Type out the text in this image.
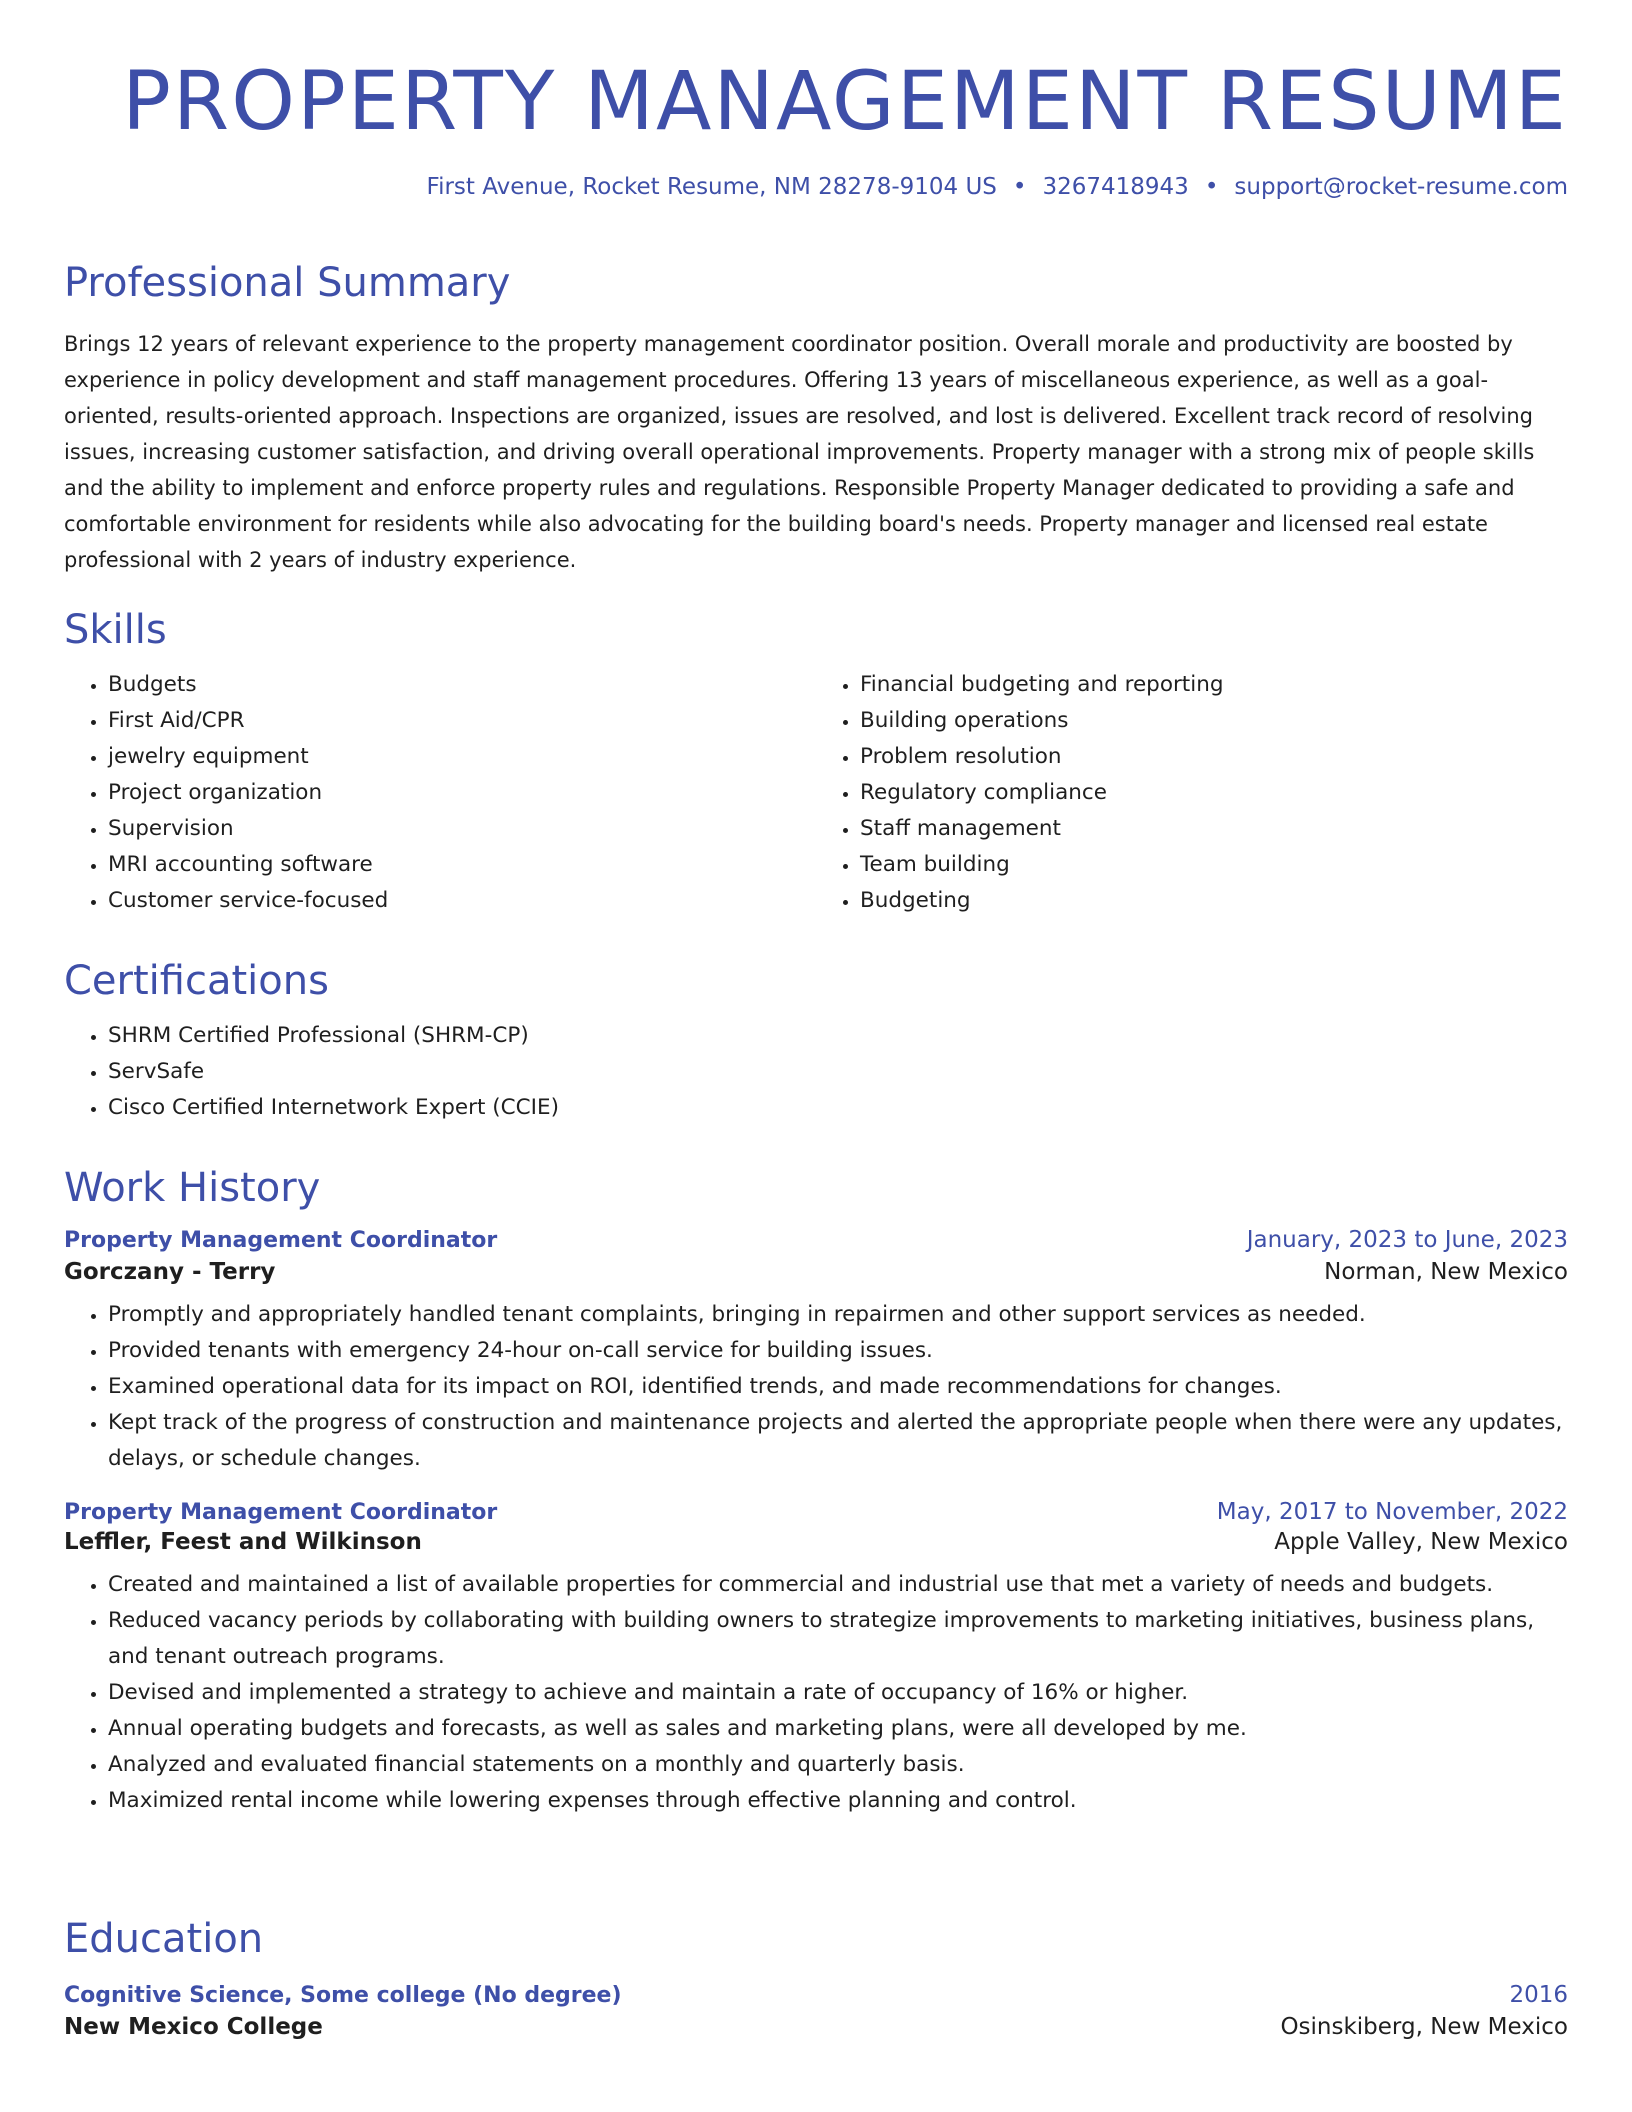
PROPERTY MANAGEMENT RESUME
First Avenue, Rocket Resume, NM 28278-9104 US • 3267418943 • support@rocket-resume.com
Professional Summary
Brings 12 years of relevant experience to the property management coordinator position. Overall morale and productivity are boosted by experience in policy development and staff management procedures. Offering 13 years of miscellaneous experience, as well as a goal-oriented, results-oriented approach. Inspections are organized, issues are resolved, and lost is delivered. Excellent track record of resolving issues, increasing customer satisfaction, and driving overall operational improvements. Property manager with a strong mix of people skills and the ability to implement and enforce property rules and regulations. Responsible Property Manager dedicated to providing a safe and comfortable environment for residents while also advocating for the building board's needs. Property manager and licensed real estate professional with 2 years of industry experience.
Skills
• Budgets
• First Aid/CPR
• jewelry equipment
• Project organization
• Supervision
• MRI accounting software
• Customer service-focused
• Financial budgeting and reporting
• Building operations
• Problem resolution
• Regulatory compliance
• Staff management
• Team building
• Budgeting
Certifications
• SHRM Certified Professional (SHRM-CP)
• ServSafe
• Cisco Certified Internetwork Expert (CCIE)
Work History
Property Management Coordinator	January, 2023 to June, 2023
Gorczany - Terry	Norman, New Mexico
• Promptly and appropriately handled tenant complaints, bringing in repairmen and other support services as needed.
• Provided tenants with emergency 24-hour on-call service for building issues.
• Examined operational data for its impact on ROI, identified trends, and made recommendations for changes.
• Kept track of the progress of construction and maintenance projects and alerted the appropriate people when there were any updates, delays, or schedule changes.
Property Management Coordinator	May, 2017 to November, 2022
Leffler, Feest and Wilkinson	Apple Valley, New Mexico
• Created and maintained a list of available properties for commercial and industrial use that met a variety of needs and budgets.
• Reduced vacancy periods by collaborating with building owners to strategize improvements to marketing initiatives, business plans, and tenant outreach programs.
• Devised and implemented a strategy to achieve and maintain a rate of occupancy of 16% or higher.
• Annual operating budgets and forecasts, as well as sales and marketing plans, were all developed by me.
• Analyzed and evaluated financial statements on a monthly and quarterly basis.
• Maximized rental income while lowering expenses through effective planning and control.
Education
Cognitive Science, Some college (No degree)	2016
New Mexico College	Osinskiberg, New Mexico
